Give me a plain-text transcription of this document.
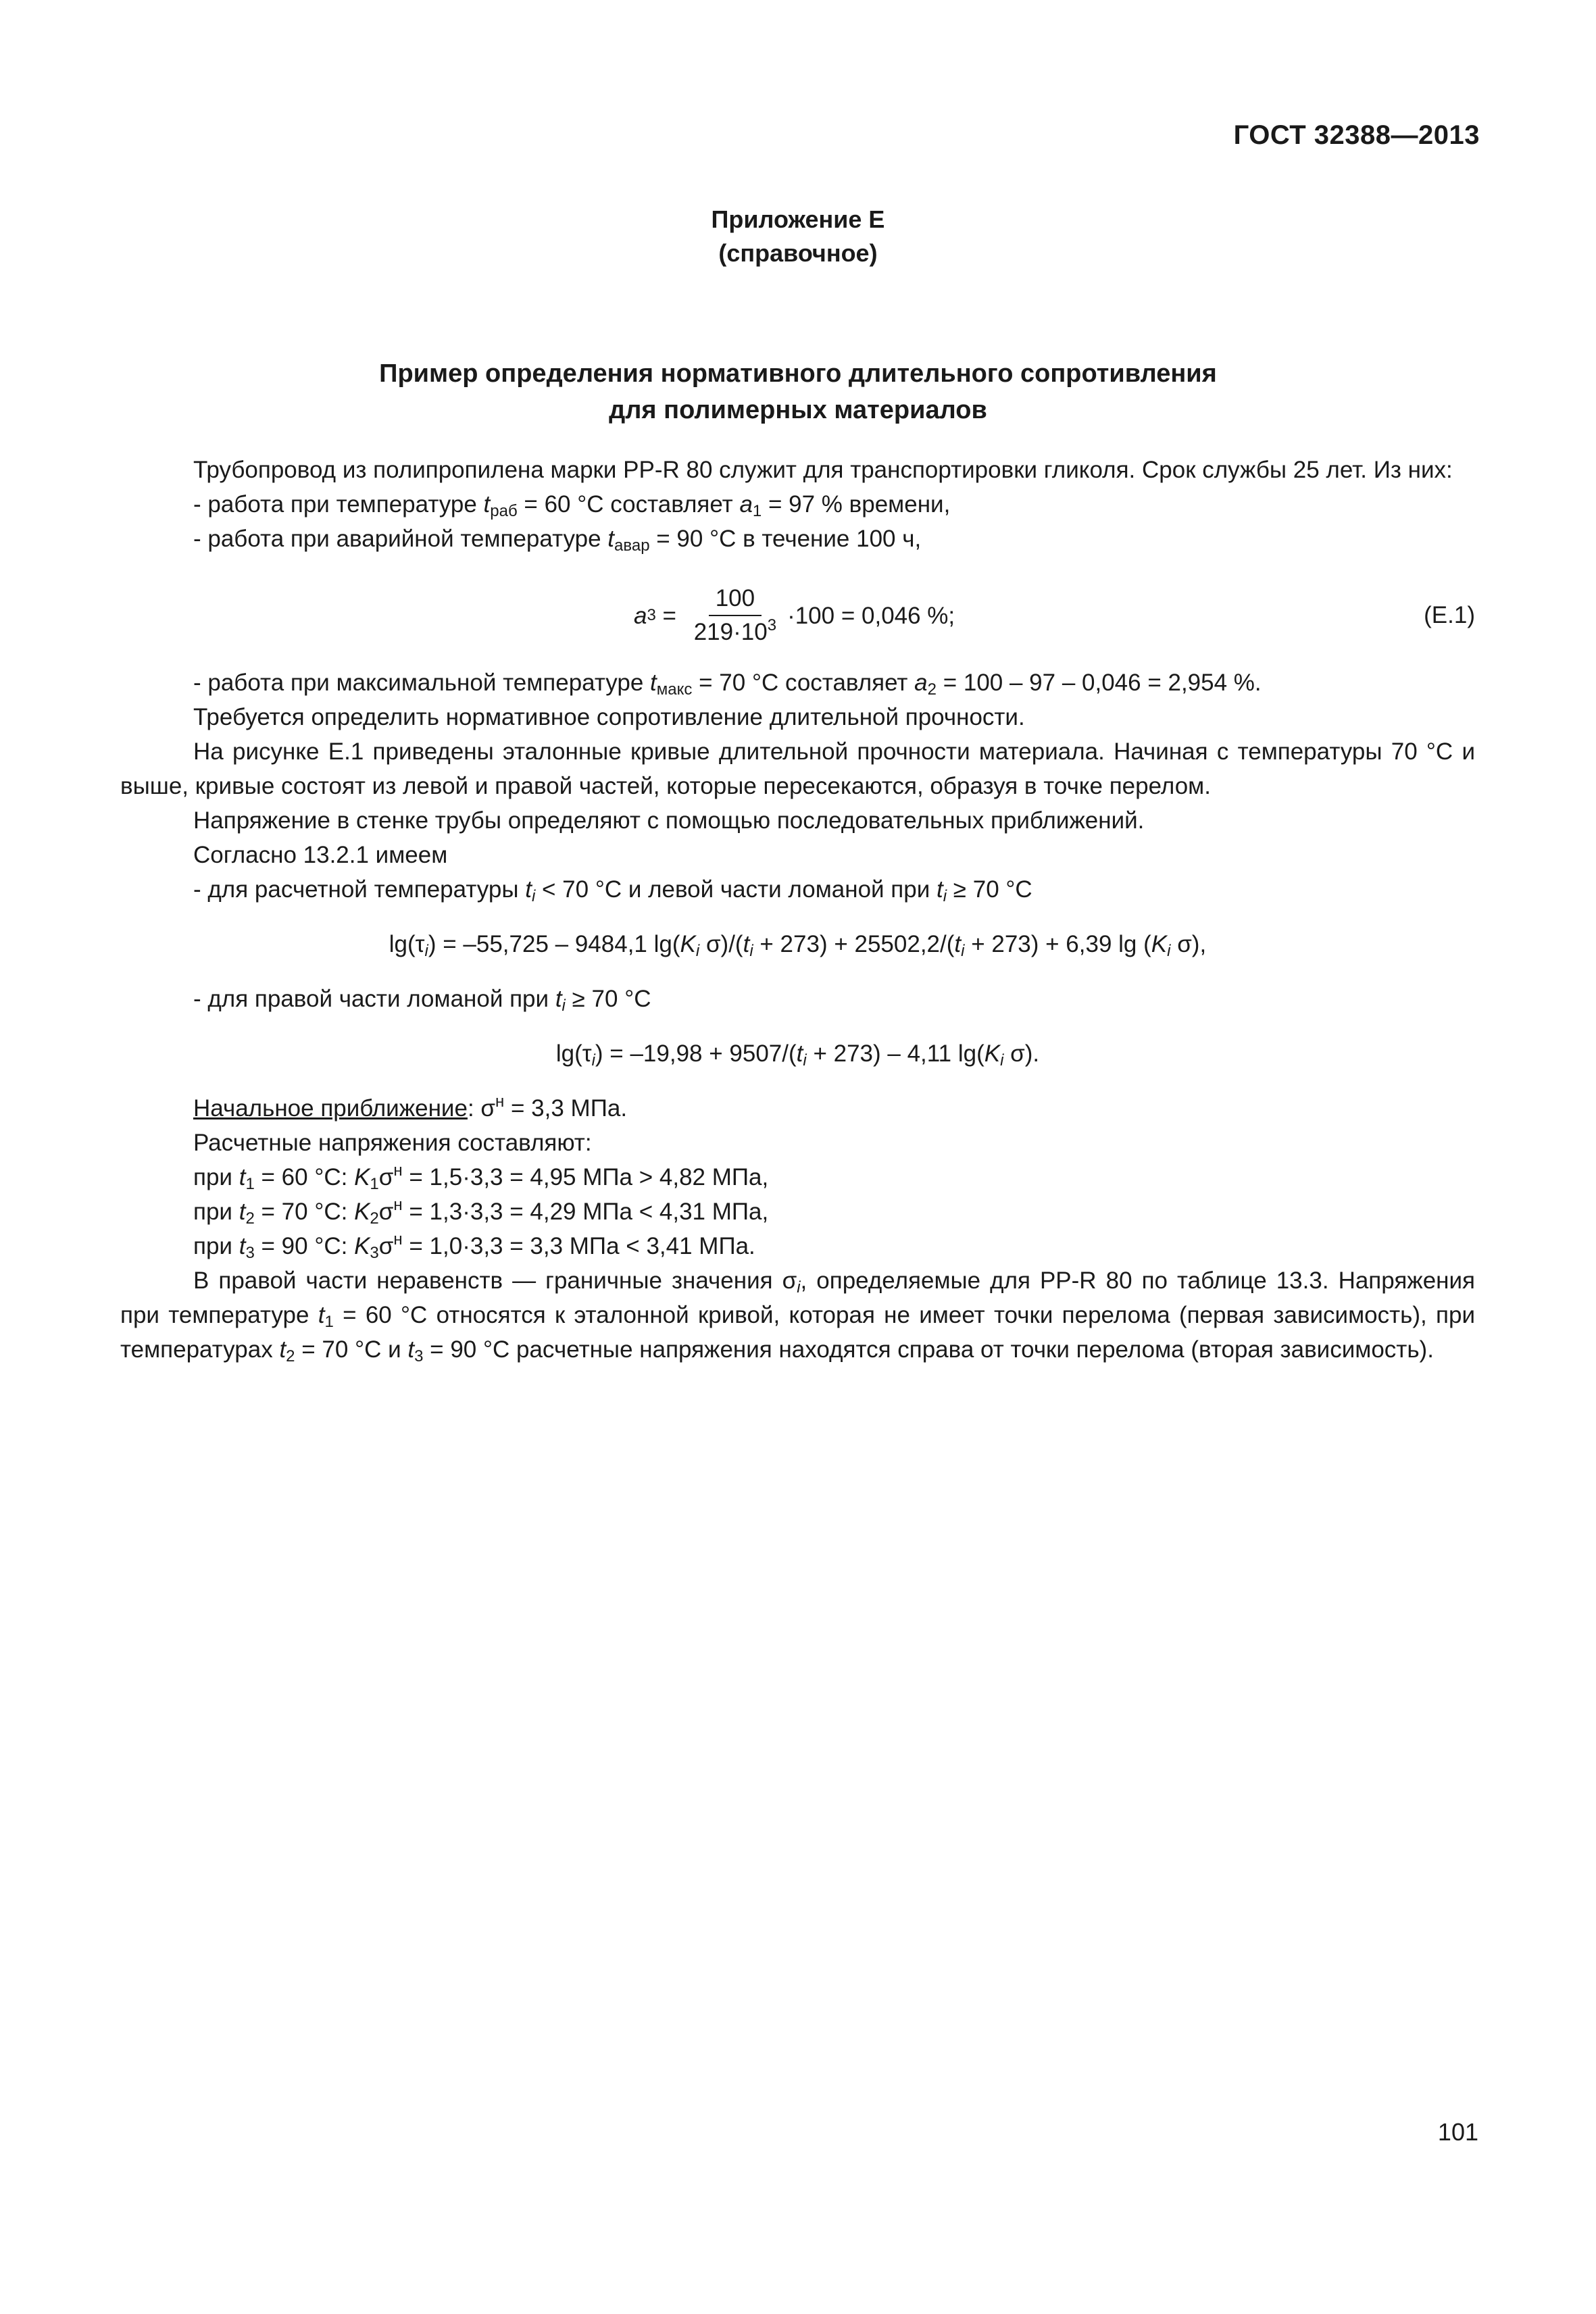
ГОСТ 32388—2013
Приложение Е
(справочное)
Пример определения нормативного длительного сопротивления
для полимерных материалов

Трубопровод из полипропилена марки PP-R 80 служит для транспортировки гликоля. Срок службы 25 лет. Из них:

- работа при температуре $t_{раб} = 60$ °C составляет $a_1 = 97$ % времени,

- работа при аварийной температуре $t_{авар} = 90$ °C в течение 100 ч,

a $3 = \frac{100}{219\cdot 10^3} \cdot 100 = 0,046$ %;	(Е.1)

- работа при максимальной температуре $t_{макс} = 70$ °C составляет $a_2 = 100 - 97 - 0,046 = 2,954$ %.

Требуется определить нормативное сопротивление длительной прочности.

На рисунке Е.1 приведены эталонные кривые длительной прочности материала. Начиная с температуры 70 °С и выше, кривые состоят из левой и правой частей, которые пересекаются, образуя в точке перелом.

Напряжение в стенке трубы определяют с помощью последовательных приближений.

Согласно 13.2.1 имеем

- для расчетной температуры $t_i < 70$ °С и левой части ломаной при $t_i \ge 70$ °С

$\lg(\tau_i) = -55,725 - 9484,1$ $\lg(K_i$ $\sigma)/(t_i + 273) + 25502,2/(t_i + 273) + 6,39$ $\lg (K_i$ σ),

- для правой части ломаной при $t_i \ge 70$ °С

$\lg(\tau_i) = -19,98 + 9507/(t_i + 273) - 4,11$ $\lg(K_i$ σ).

Начальное приближение: $\sigma^н = 3,3$ МПа.

Расчетные напряжения составляют:

при $t_1 = 60$ °С: $K_1\sigma^н = 1,5\cdot 3,3 = 4,95$ МПа > 4,82 МПа,

при $t_2 = 70$ °С: $K_2\sigma^н = 1,3\cdot 3,3 = 4,29$ МПа < 4,31 МПа,

при $t_3 = 90$ °С: $K_3\sigma^н = 1,0\cdot 3,3 = 3,3$ МПа < 3,41 МПа.

В правой части неравенств — граничные значения $\sigma_i$, определяемые для PP-R 80 по таблице 13.3. Напряжения при температуре $t_1 = 60$ °С относятся к эталонной кривой, которая не имеет точки перелома (первая зависимость), при температурах $t_2 = 70$ °С и $t_3 = 90$ °С расчетные напряжения находятся справа от точки перелома (вторая зависимость).

101
